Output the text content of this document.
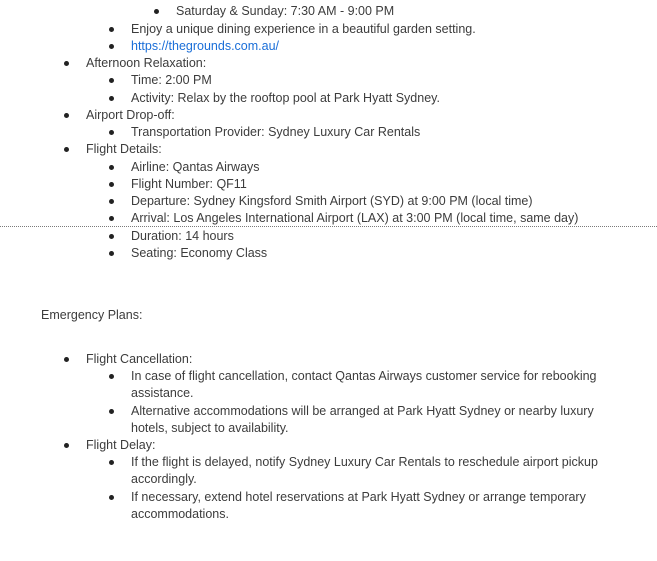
Saturday & Sunday: 7:30 AM - 9:00 PM
Enjoy a unique dining experience in a beautiful garden setting.
https://thegrounds.com.au/
Afternoon Relaxation:
Time: 2:00 PM
Activity: Relax by the rooftop pool at Park Hyatt Sydney.
Airport Drop-off:
Transportation Provider: Sydney Luxury Car Rentals
Flight Details:
Airline: Qantas Airways
Flight Number: QF11
Departure: Sydney Kingsford Smith Airport (SYD) at 9:00 PM (local time)
Arrival: Los Angeles International Airport (LAX) at 3:00 PM (local time, same day)
Duration: 14 hours
Seating: Economy Class
Emergency Plans:
Flight Cancellation:
In case of flight cancellation, contact Qantas Airways customer service for rebooking
assistance.
Alternative accommodations will be arranged at Park Hyatt Sydney or nearby luxury
hotels, subject to availability.
Flight Delay:
If the flight is delayed, notify Sydney Luxury Car Rentals to reschedule airport pickup
accordingly.
If necessary, extend hotel reservations at Park Hyatt Sydney or arrange temporary
accommodations.
